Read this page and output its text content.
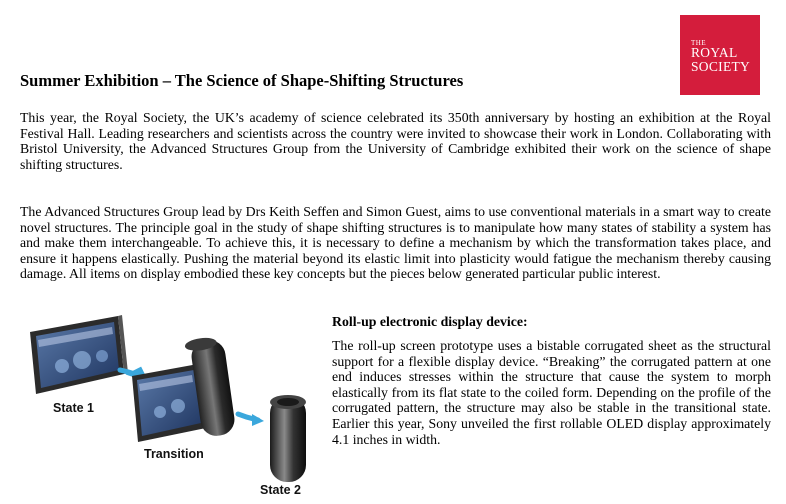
THE
ROYAL
SOCIETY
Summer Exhibition – The Science of Shape-Shifting Structures
This year, the Royal Society, the UK’s academy of science celebrated its 350th anniversary by hosting an exhibition at the Royal Festival Hall. Leading researchers and scientists across the country were invited to showcase their work in London. Collaborating with Bristol University, the Advanced Structures Group from the University of Cambridge exhibited their work on the science of shape shifting structures.
The Advanced Structures Group lead by Drs Keith Seffen and Simon Guest, aims to use conventional materials in a smart way to create novel structures. The principle goal in the study of shape shifting structures is to manipulate how many states of stability a system has and make them interchangeable. To achieve this, it is necessary to define a mechanism by which the transformation takes place, and ensure it happens elastically. Pushing the material beyond its elastic limit into plasticity would fatigue the mechanism thereby causing damage. All items on display embodied these key concepts but the pieces below generated particular public interest.
State 1
Transition
State 2
Roll-up electronic display device:
The roll-up screen prototype uses a bistable corrugated sheet as the structural support for a flexible display device. “Breaking” the corrugated pattern at one end induces stresses within the structure that cause the system to morph elastically from its flat state to the coiled form. Depending on the profile of the corrugated pattern, the structure may also be stable in the transitional state. Earlier this year, Sony unveiled the first rollable OLED display approximately 4.1 inches in width.
